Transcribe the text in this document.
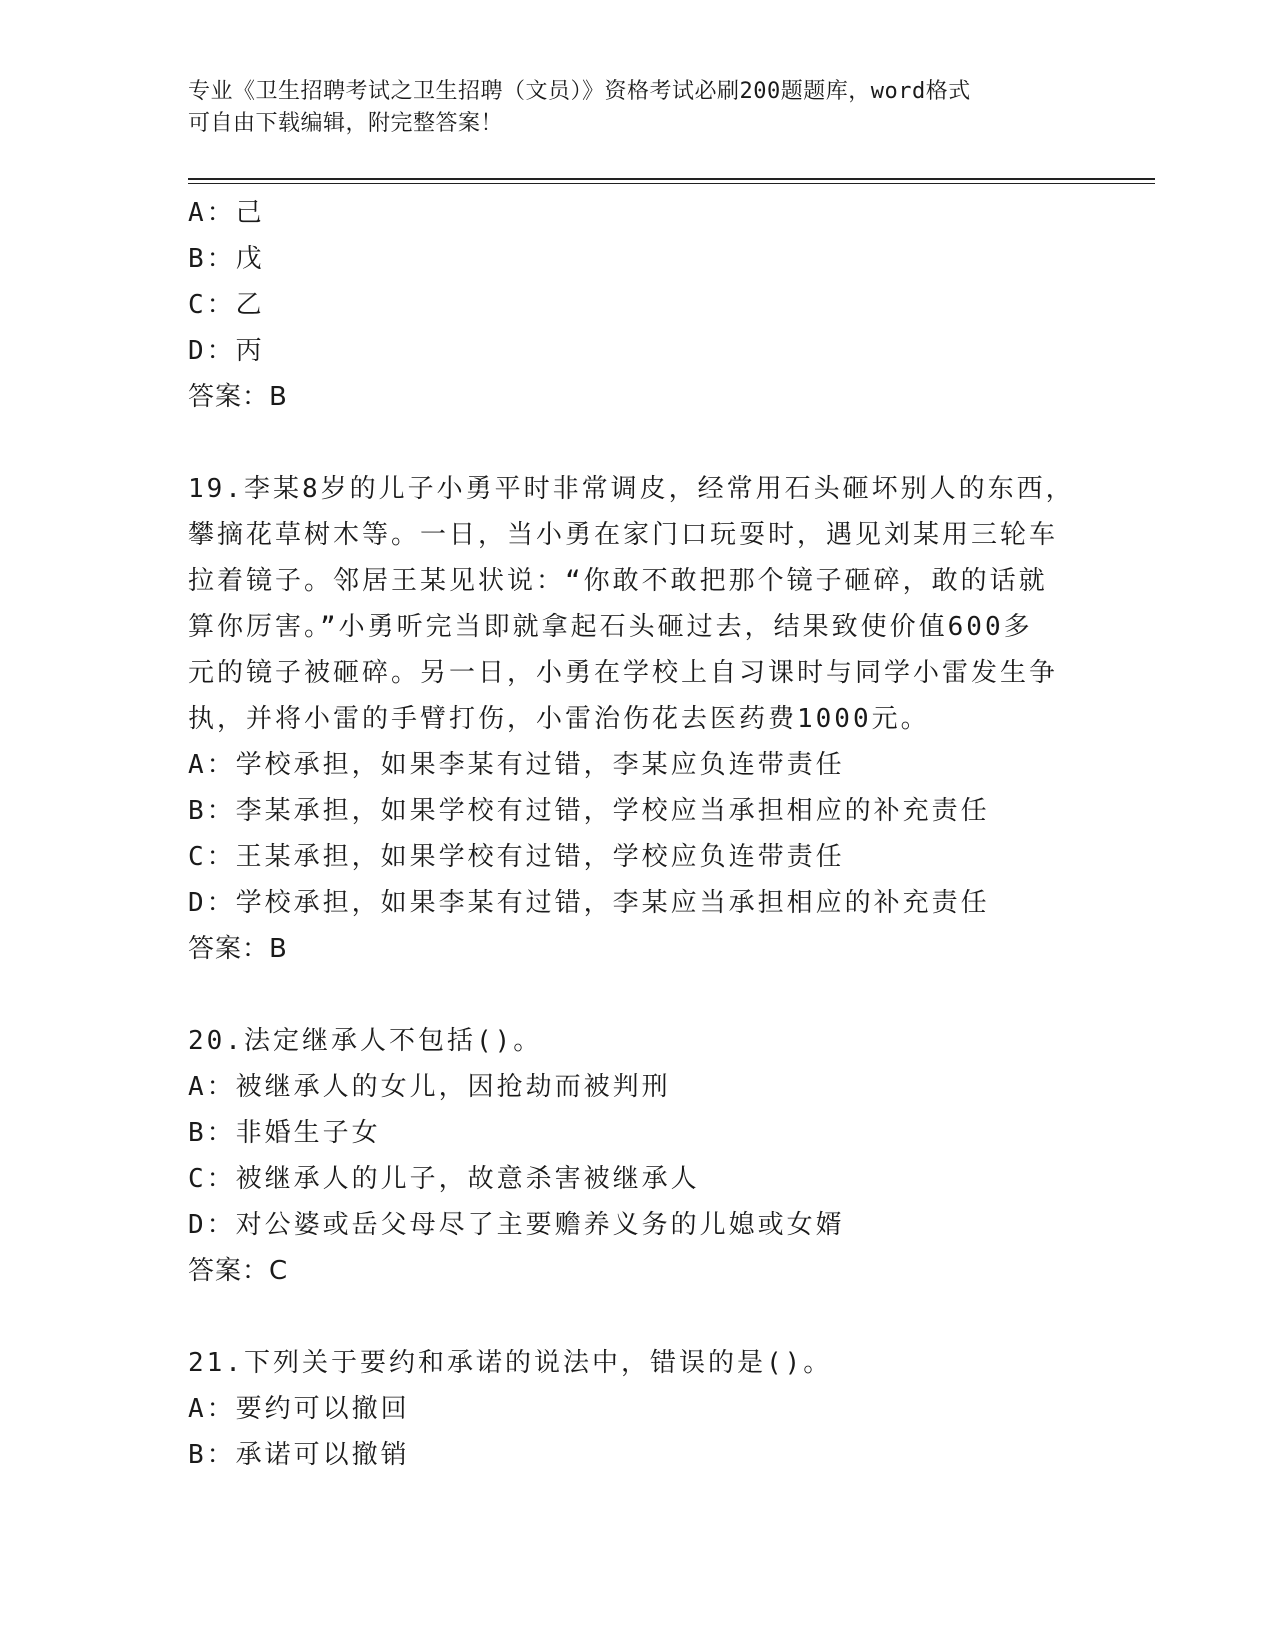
专业《卫生招聘考试之卫生招聘（文员）》资格考试必刷200题题库，word格式
可自由下载编辑，附完整答案！
A：己
B：戊
C：乙
D：丙
答案：B
19.李某8岁的儿子小勇平时非常调皮，经常用石头砸坏别人的东西，
攀摘花草树木等。一日，当小勇在家门口玩耍时，遇见刘某用三轮车
拉着镜子。邻居王某见状说：“你敢不敢把那个镜子砸碎，敢的话就
算你厉害。”小勇听完当即就拿起石头砸过去，结果致使价值600多
元的镜子被砸碎。另一日，小勇在学校上自习课时与同学小雷发生争
执，并将小雷的手臂打伤，小雷治伤花去医药费1000元。
A：学校承担，如果李某有过错，李某应负连带责任
B：李某承担，如果学校有过错，学校应当承担相应的补充责任
C：王某承担，如果学校有过错，学校应负连带责任
D：学校承担，如果李某有过错，李某应当承担相应的补充责任
答案：B
20.法定继承人不包括()。
A：被继承人的女儿，因抢劫而被判刑
B：非婚生子女
C：被继承人的儿子，故意杀害被继承人
D：对公婆或岳父母尽了主要赡养义务的儿媳或女婿
答案：C
21.下列关于要约和承诺的说法中，错误的是()。
A：要约可以撤回
B：承诺可以撤销
